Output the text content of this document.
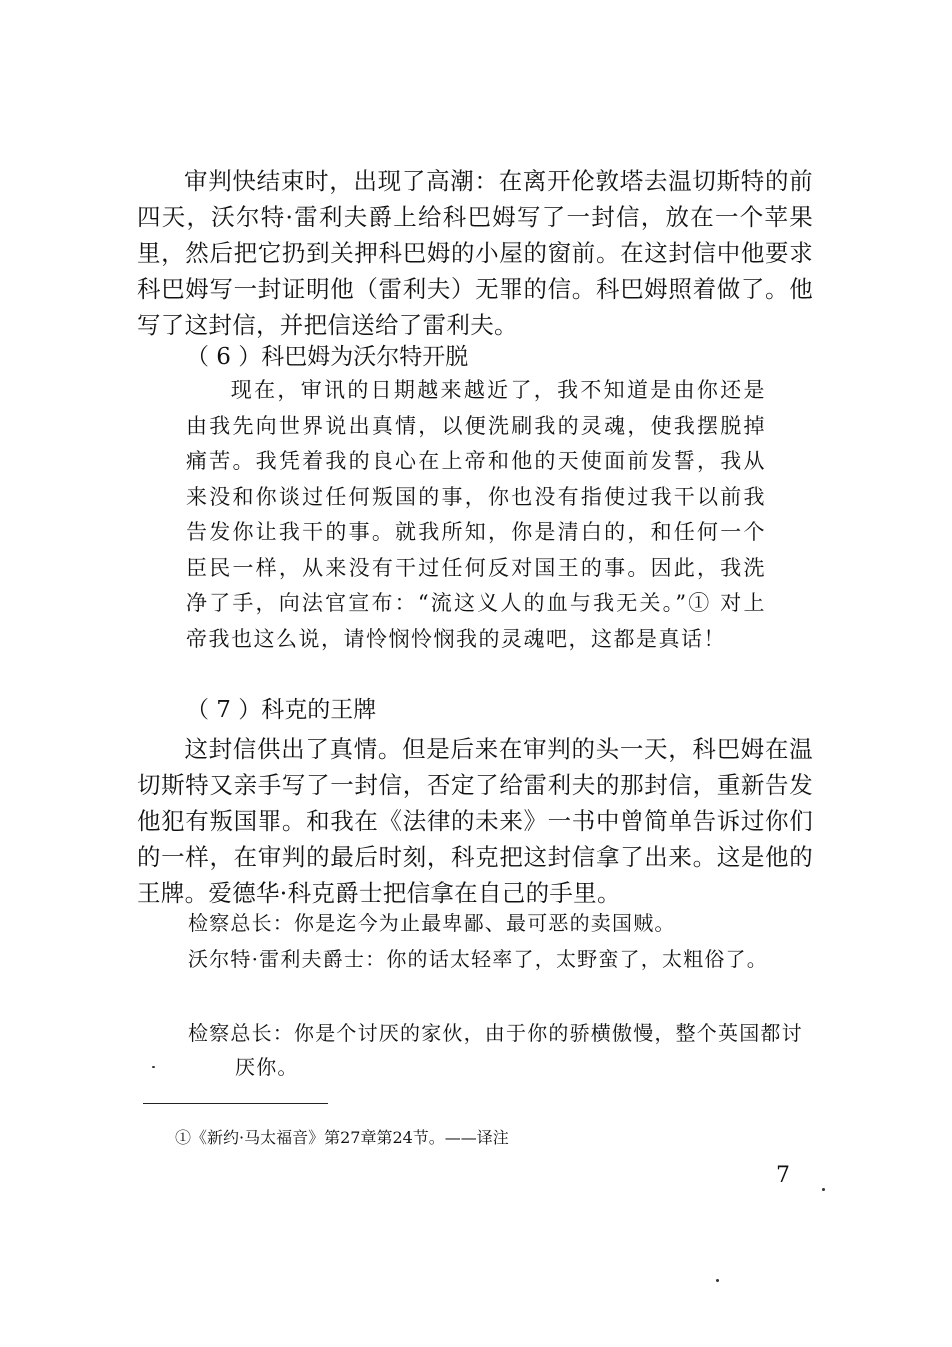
审判快结束时，出现了高潮：在离开伦敦塔去温切斯特的前四天，沃尔特·雷利夫爵上给科巴姆写了一封信，放在一个苹果里，然后把它扔到关押科巴姆的小屋的窗前。在这封信中他要求科巴姆写一封证明他（雷利夫）无罪的信。科巴姆照着做了。他写了这封信，并把信送给了雷利夫。

（ 6 ）科巴姆为沃尔特开脱

现在，审讯的日期越来越近了，我不知道是由你还是由我先向世界说出真情，以便洗刷我的灵魂，使我摆脱掉痛苦。我凭着我的良心在上帝和他的天使面前发誓，我从来没和你谈过任何叛国的事，你也没有指使过我干以前我告发你让我干的事。就我所知，你是清白的，和任何一个臣民一样，从来没有干过任何反对国王的事。因此，我洗净了手，向法官宣布：“流这义人的血与我无关。”① 对上帝我也这么说，请怜悯怜悯我的灵魂吧，这都是真话！

（ 7 ）科克的王牌

这封信供出了真情。但是后来在审判的头一天，科巴姆在温切斯特又亲手写了一封信，否定了给雷利夫的那封信，重新告发他犯有叛国罪。和我在《法律的未来》一书中曾简单告诉过你们的一样，在审判的最后时刻，科克把这封信拿了出来。这是他的王牌。爱德华·科克爵士把信拿在自己的手里。

检察总长：你是迄今为止最卑鄙、最可恶的卖国贼。

沃尔特·雷利夫爵士：你的话太轻率了，太野蛮了，太粗俗了。

检察总长：你是个讨厌的家伙，由于你的骄横傲慢，整个英国都讨厌你。

①《新约·马太福音》第27章第24节。——译注

7
